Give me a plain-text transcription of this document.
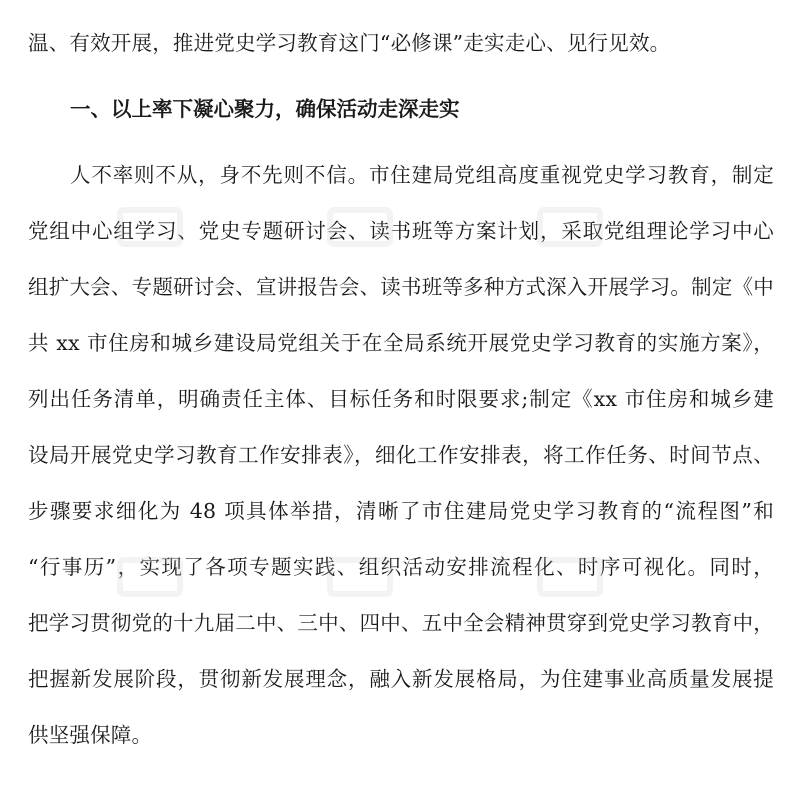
温、有效开展，推进党史学习教育这门“必修课”走实走心、见行见效。
一、以上率下凝心聚力，确保活动走深走实
人不率则不从，身不先则不信。市住建局党组高度重视党史学习教育，制定
党组中心组学习、党史专题研讨会、读书班等方案计划，采取党组理论学习中心
组扩大会、专题研讨会、宣讲报告会、读书班等多种方式深入开展学习。制定《中
共 xx 市住房和城乡建设局党组关于在全局系统开展党史学习教育的实施方案》，
列出任务清单，明确责任主体、目标任务和时限要求;制定《xx 市住房和城乡建
设局开展党史学习教育工作安排表》，细化工作安排表，将工作任务、时间节点、
步骤要求细化为 48 项具体举措，清晰了市住建局党史学习教育的“流程图”和
“行事历”，实现了各项专题实践、组织活动安排流程化、时序可视化。同时，
把学习贯彻党的十九届二中、三中、四中、五中全会精神贯穿到党史学习教育中，
把握新发展阶段，贯彻新发展理念，融入新发展格局，为住建事业高质量发展提
供坚强保障。
